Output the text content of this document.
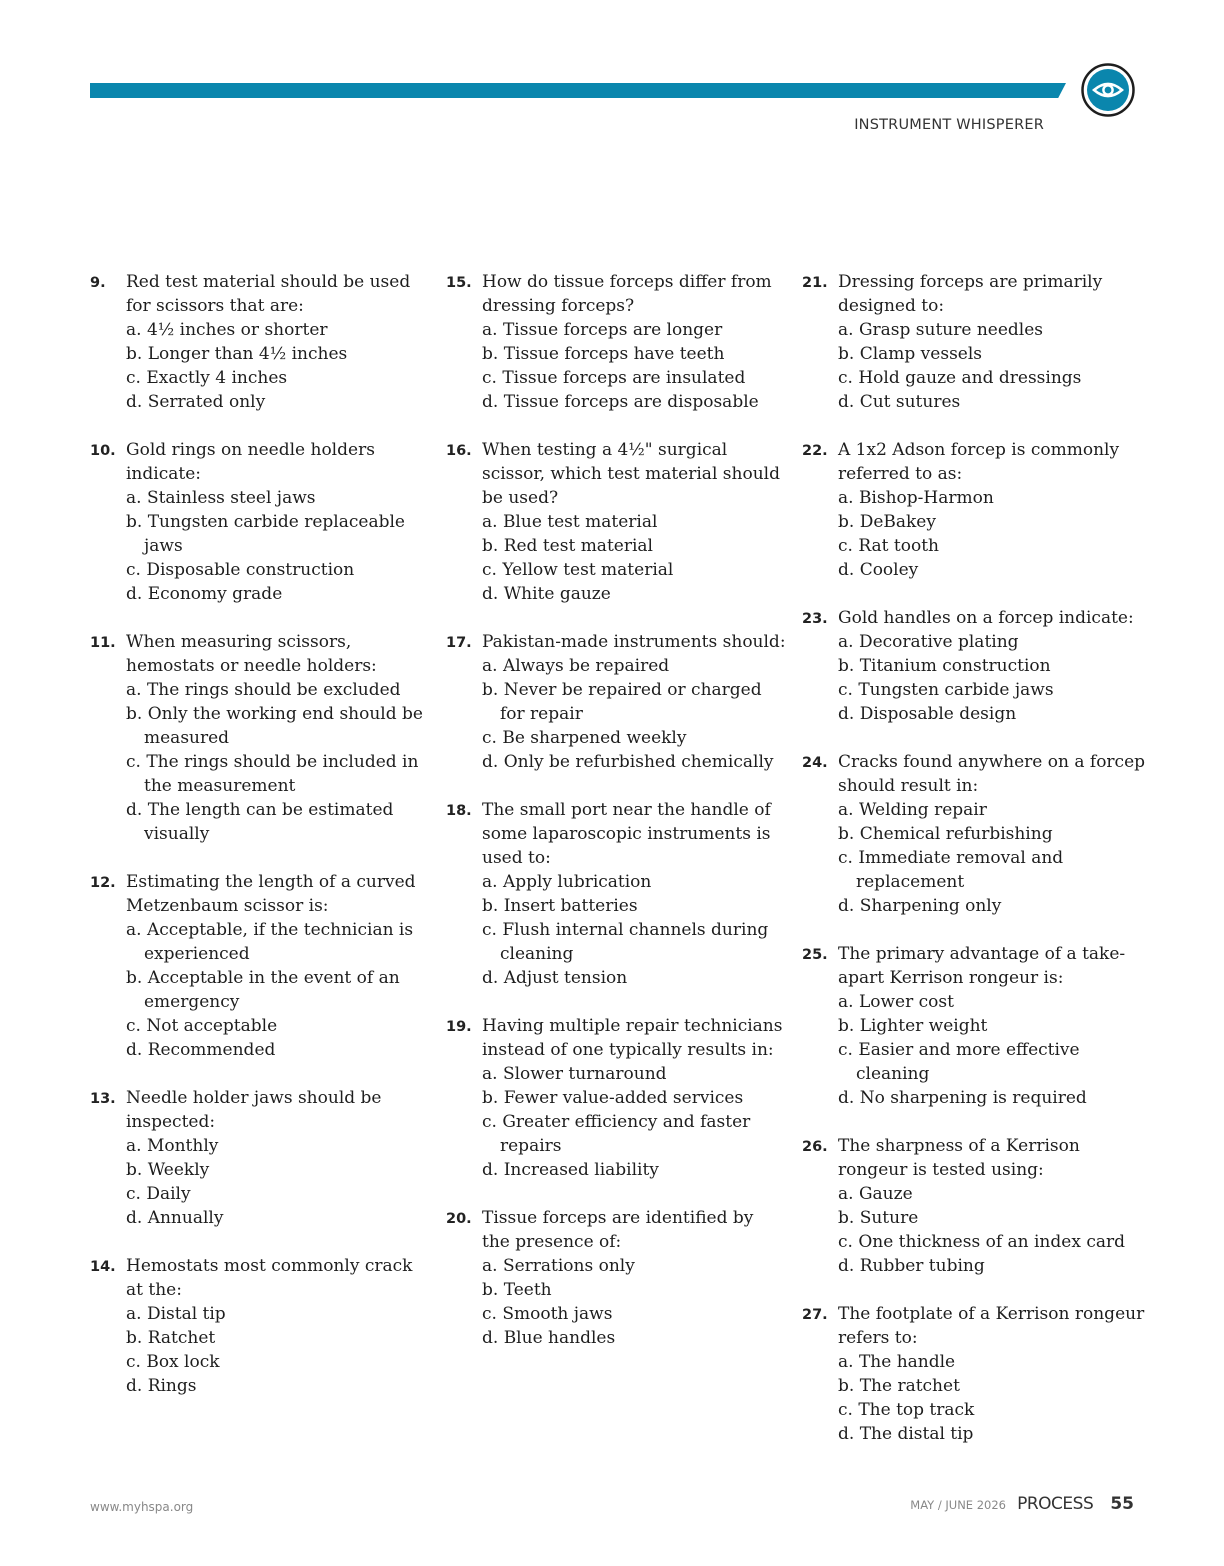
INSTRUMENT WHISPERER
9. Red test material should be used for scissors that are:
a. 4½ inches or shorter
b. Longer than 4½ inches
c. Exactly 4 inches
d. Serrated only
10. Gold rings on needle holders indicate:
a. Stainless steel jaws
b. Tungsten carbide replaceable jaws
c. Disposable construction
d. Economy grade
11. When measuring scissors, hemostats or needle holders:
a. The rings should be excluded
b. Only the working end should be measured
c. The rings should be included in the measurement
d. The length can be estimated visually
12. Estimating the length of a curved Metzenbaum scissor is:
a. Acceptable, if the technician is experienced
b. Acceptable in the event of an emergency
c. Not acceptable
d. Recommended
13. Needle holder jaws should be inspected:
a. Monthly
b. Weekly
c. Daily
d. Annually
14. Hemostats most commonly crack at the:
a. Distal tip
b. Ratchet
c. Box lock
d. Rings
15. How do tissue forceps differ from dressing forceps?
a. Tissue forceps are longer
b. Tissue forceps have teeth
c. Tissue forceps are insulated
d. Tissue forceps are disposable
16. When testing a 4½" surgical scissor, which test material should be used?
a. Blue test material
b. Red test material
c. Yellow test material
d. White gauze
17. Pakistan-made instruments should:
a. Always be repaired
b. Never be repaired or charged for repair
c. Be sharpened weekly
d. Only be refurbished chemically
18. The small port near the handle of some laparoscopic instruments is used to:
a. Apply lubrication
b. Insert batteries
c. Flush internal channels during cleaning
d. Adjust tension
19. Having multiple repair technicians instead of one typically results in:
a. Slower turnaround
b. Fewer value-added services
c. Greater efficiency and faster repairs
d. Increased liability
20. Tissue forceps are identified by the presence of:
a. Serrations only
b. Teeth
c. Smooth jaws
d. Blue handles
21. Dressing forceps are primarily designed to:
a. Grasp suture needles
b. Clamp vessels
c. Hold gauze and dressings
d. Cut sutures
22. A 1x2 Adson forcep is commonly referred to as:
a. Bishop-Harmon
b. DeBakey
c. Rat tooth
d. Cooley
23. Gold handles on a forcep indicate:
a. Decorative plating
b. Titanium construction
c. Tungsten carbide jaws
d. Disposable design
24. Cracks found anywhere on a forcep should result in:
a. Welding repair
b. Chemical refurbishing
c. Immediate removal and replacement
d. Sharpening only
25. The primary advantage of a take-apart Kerrison rongeur is:
a. Lower cost
b. Lighter weight
c. Easier and more effective cleaning
d. No sharpening is required
26. The sharpness of a Kerrison rongeur is tested using:
a. Gauze
b. Suture
c. One thickness of an index card
d. Rubber tubing
27. The footplate of a Kerrison rongeur refers to:
a. The handle
b. The ratchet
c. The top track
d. The distal tip
www.myhspa.org	MAY / JUNE 2026 PROCESS 55
